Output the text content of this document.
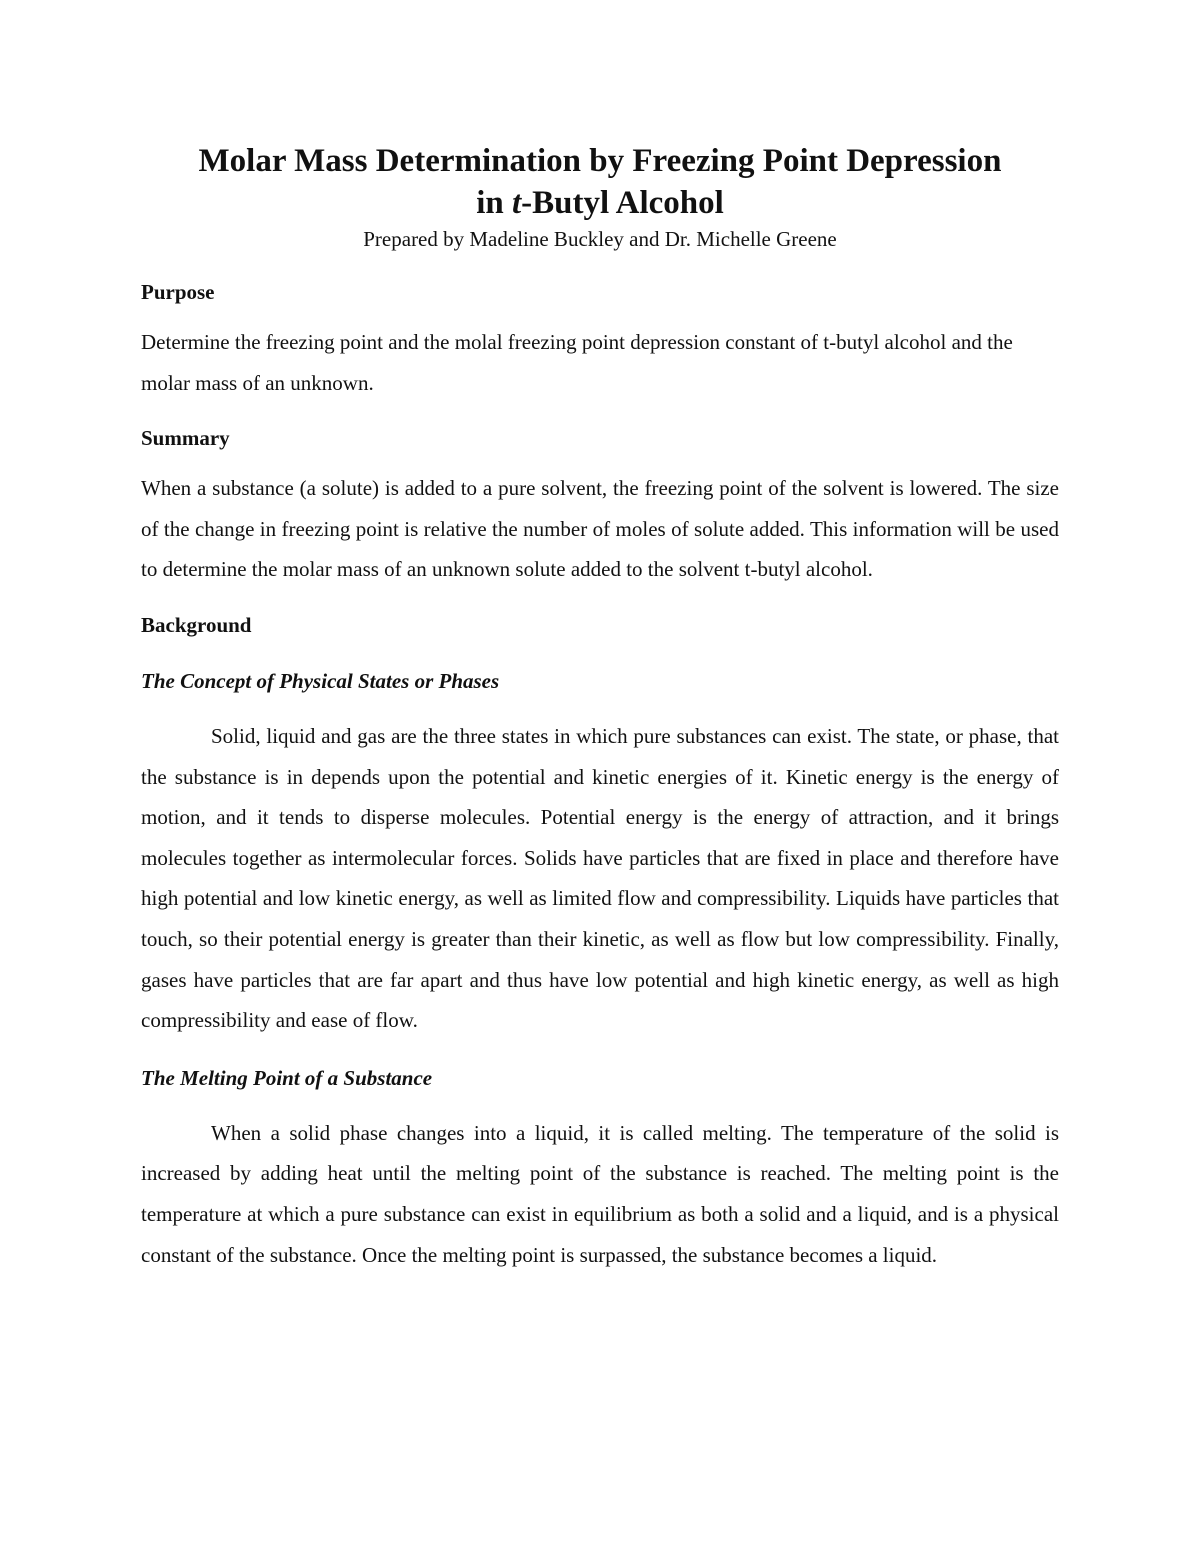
Molar Mass Determination by Freezing Point Depression
in t-Butyl Alcohol

Prepared by Madeline Buckley and Dr. Michelle Greene

Purpose

Determine the freezing point and the molal freezing point depression constant of t-butyl alcohol and the molar mass of an unknown.

Summary

When a substance (a solute) is added to a pure solvent, the freezing point of the solvent is lowered. The size of the change in freezing point is relative the number of moles of solute added. This information will be used to determine the molar mass of an unknown solute added to the solvent t-butyl alcohol.

Background
The Concept of Physical States or Phases

Solid, liquid and gas are the three states in which pure substances can exist. The state, or phase, that the substance is in depends upon the potential and kinetic energies of it. Kinetic energy is the energy of motion, and it tends to disperse molecules. Potential energy is the energy of attraction, and it brings molecules together as intermolecular forces. Solids have particles that are fixed in place and therefore have high potential and low kinetic energy, as well as limited flow and compressibility. Liquids have particles that touch, so their potential energy is greater than their kinetic, as well as flow but low compressibility. Finally, gases have particles that are far apart and thus have low potential and high kinetic energy, as well as high compressibility and ease of flow.

The Melting Point of a Substance

When a solid phase changes into a liquid, it is called melting. The temperature of the solid is increased by adding heat until the melting point of the substance is reached. The melting point is the temperature at which a pure substance can exist in equilibrium as both a solid and a liquid, and is a physical constant of the substance. Once the melting point is surpassed, the substance becomes a liquid.
